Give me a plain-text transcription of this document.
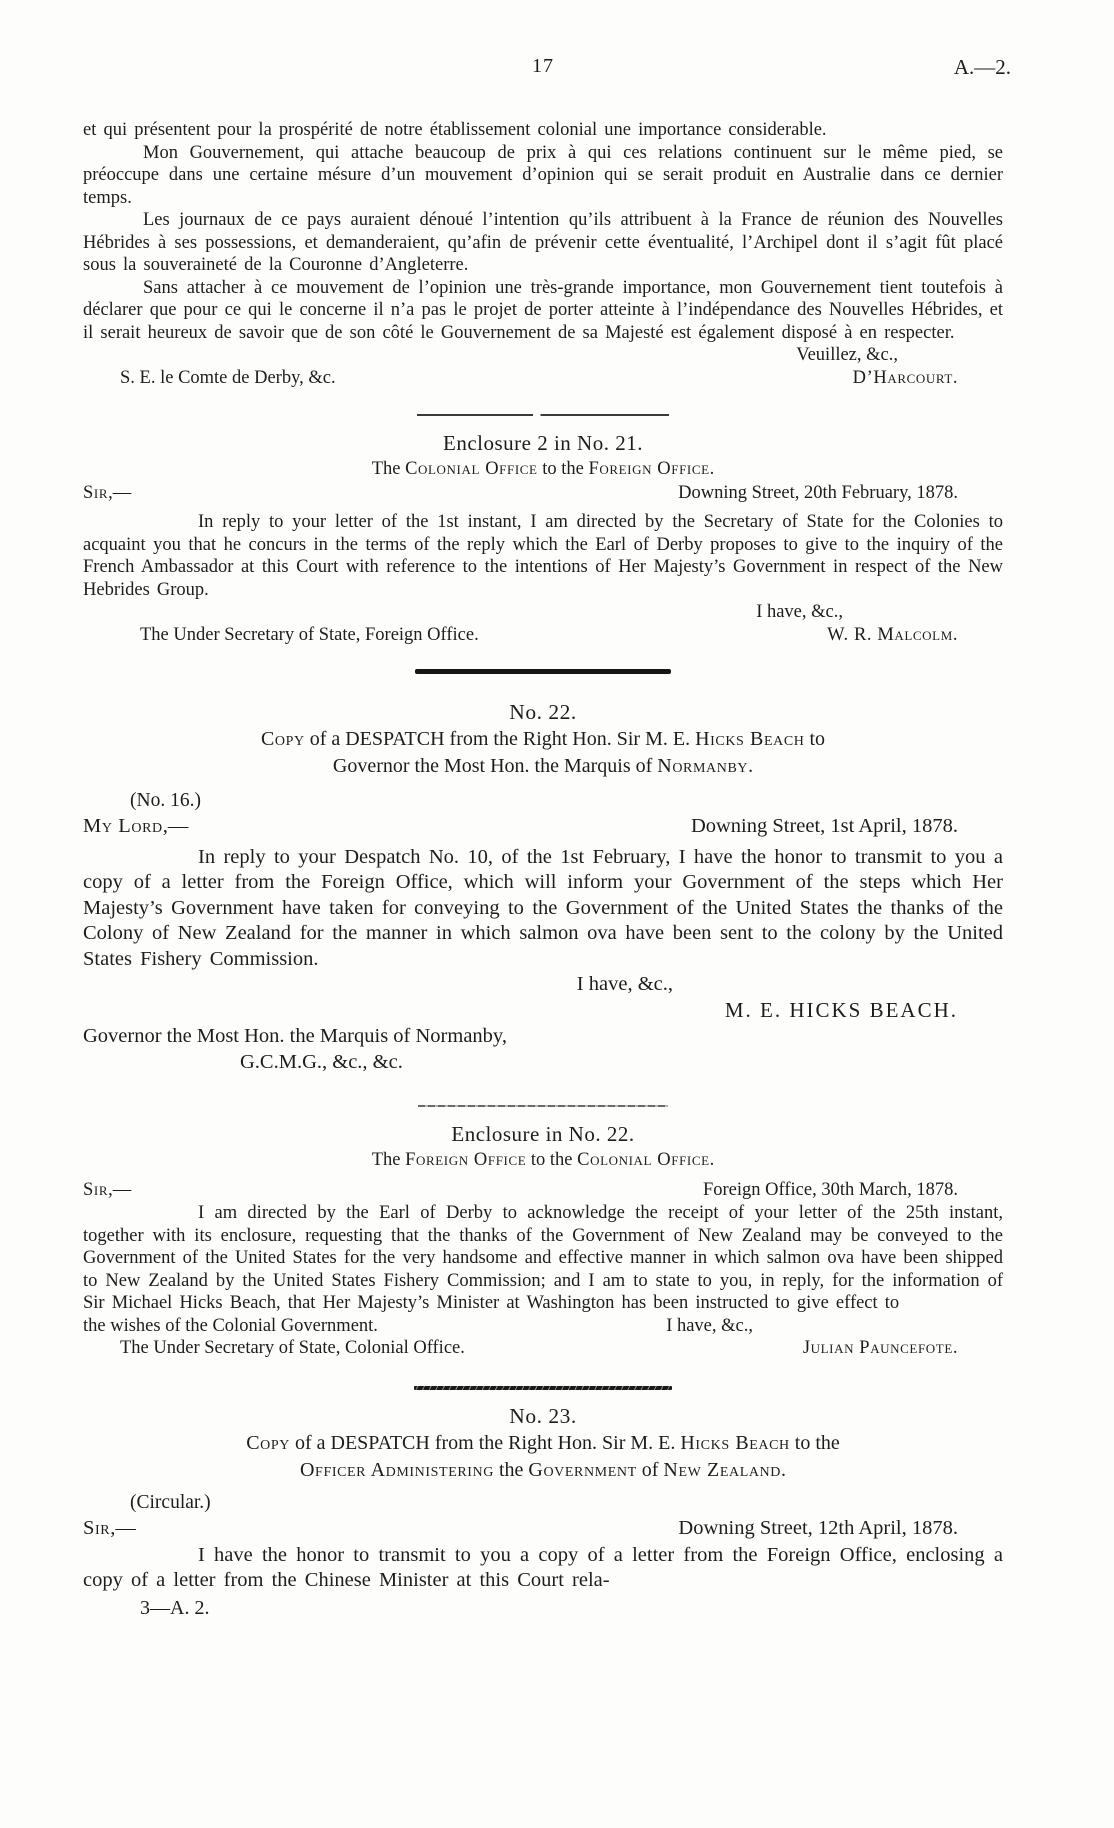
17	A.—2.

et qui présentent pour la prospérité de notre établissement colonial une importance considerable.

Mon Gouvernement, qui attache beaucoup de prix à qui ces relations continuent sur le même pied, se préoccupe dans une certaine mésure d’un mouvement d’opinion qui se serait produit en Australie dans ce dernier temps.

Les journaux de ce pays auraient dénoué l’intention qu’ils attribuent à la France de réunion des Nouvelles Hébrides à ses possessions, et demanderaient, qu’afin de prévenir cette éventualité, l’Archipel dont il s’agit fût placé sous la souveraineté de la Couronne d’Angleterre.

Sans attacher à ce mouvement de l’opinion une très-grande importance, mon Gouvernement tient toutefois à déclarer que pour ce qui le concerne il n’a pas le projet de porter atteinte à l’indépendance des Nouvelles Hébrides, et il serait heureux de savoir que de son côté le Gouvernement de sa Majesté est également disposé à en respecter.

Veuillez, &c.,
S. E. le Comte de Derby, &c.	D’Harcourt.
Enclosure 2 in No. 21.
The Colonial Office to the Foreign Office.
Sir,—	Downing Street, 20th February, 1878.

In reply to your letter of the 1st instant, I am directed by the Secretary of State for the Colonies to acquaint you that he concurs in the terms of the reply which the Earl of Derby proposes to give to the inquiry of the French Ambassador at this Court with reference to the intentions of Her Majesty’s Government in respect of the New Hebrides Group.

I have, &c.,
The Under Secretary of State, Foreign Office.	W. R. Malcolm.
No. 22.
Copy of a DESPATCH from the Right Hon. Sir M. E. Hicks Beach to
Governor the Most Hon. the Marquis of Normanby.
(No. 16.)
My Lord,—	Downing Street, 1st April, 1878.

In reply to your Despatch No. 10, of the 1st February, I have the honor to transmit to you a copy of a letter from the Foreign Office, which will inform your Government of the steps which Her Majesty’s Government have taken for conveying to the Government of the United States the thanks of the Colony of New Zealand for the manner in which salmon ova have been sent to the colony by the United States Fishery Commission.

I have, &c.,
M. E. HICKS BEACH.
Governor the Most Hon. the Marquis of Normanby,
G.C.M.G., &c., &c.
Enclosure in No. 22.
The Foreign Office to the Colonial Office.
Sir,—	Foreign Office, 30th March, 1878.

I am directed by the Earl of Derby to acknowledge the receipt of your letter of the 25th instant, together with its enclosure, requesting that the thanks of the Government of New Zealand may be conveyed to the Government of the United States for the very handsome and effective manner in which salmon ova have been shipped to New Zealand by the United States Fishery Commission; and I am to state to you, in reply, for the information of Sir Michael Hicks Beach, that Her Majesty’s Minister at Washington has been instructed to give effect to

the wishes of the Colonial Government.	I have, &c.,
The Under Secretary of State, Colonial Office.	Julian Pauncefote.
No. 23.
Copy of a DESPATCH from the Right Hon. Sir M. E. Hicks Beach to the
Officer Administering the Government of New Zealand.
(Circular.)
Sir,—	Downing Street, 12th April, 1878.

I have the honor to transmit to you a copy of a letter from the Foreign Office, enclosing a copy of a letter from the Chinese Minister at this Court rela-

3—A. 2.
